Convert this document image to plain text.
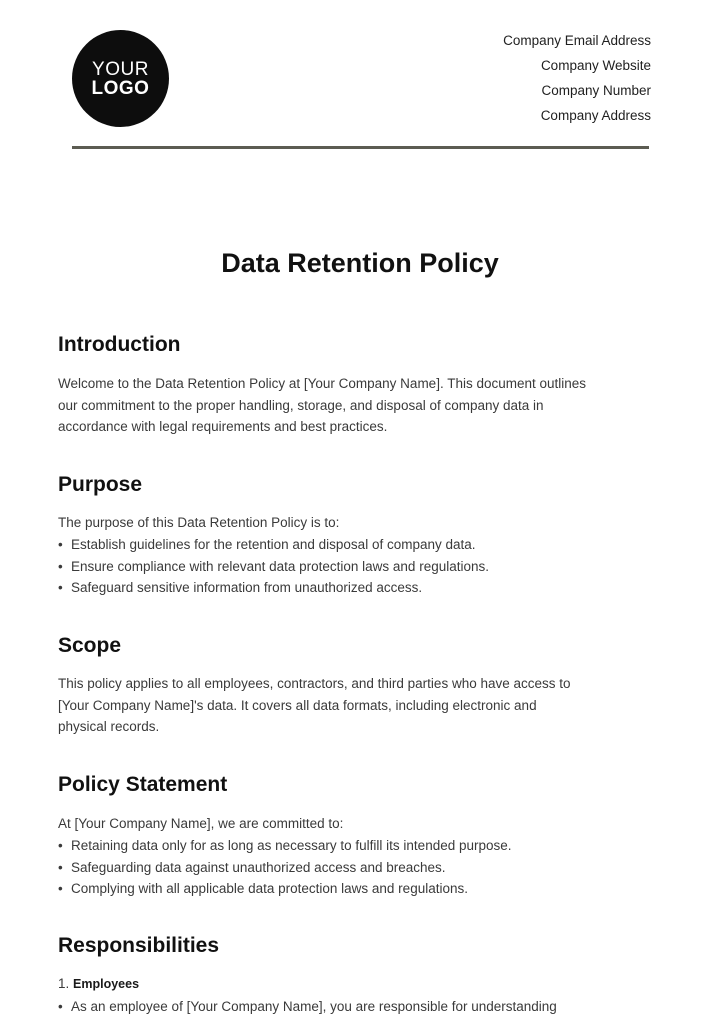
YOUR
LOGO
Company Email Address
Company Website
Company Number
Company Address
Data Retention Policy
Introduction
Welcome to the Data Retention Policy at [Your Company Name]. This document outlines
our commitment to the proper handling, storage, and disposal of company data in
accordance with legal requirements and best practices.
Purpose
The purpose of this Data Retention Policy is to:
• Establish guidelines for the retention and disposal of company data.
• Ensure compliance with relevant data protection laws and regulations.
• Safeguard sensitive information from unauthorized access.
Scope
This policy applies to all employees, contractors, and third parties who have access to
[Your Company Name]'s data. It covers all data formats, including electronic and
physical records.
Policy Statement
At [Your Company Name], we are committed to:
• Retaining data only for as long as necessary to fulfill its intended purpose.
• Safeguarding data against unauthorized access and breaches.
• Complying with all applicable data protection laws and regulations.
Responsibilities
1. Employees
• As an employee of [Your Company Name], you are responsible for understanding
